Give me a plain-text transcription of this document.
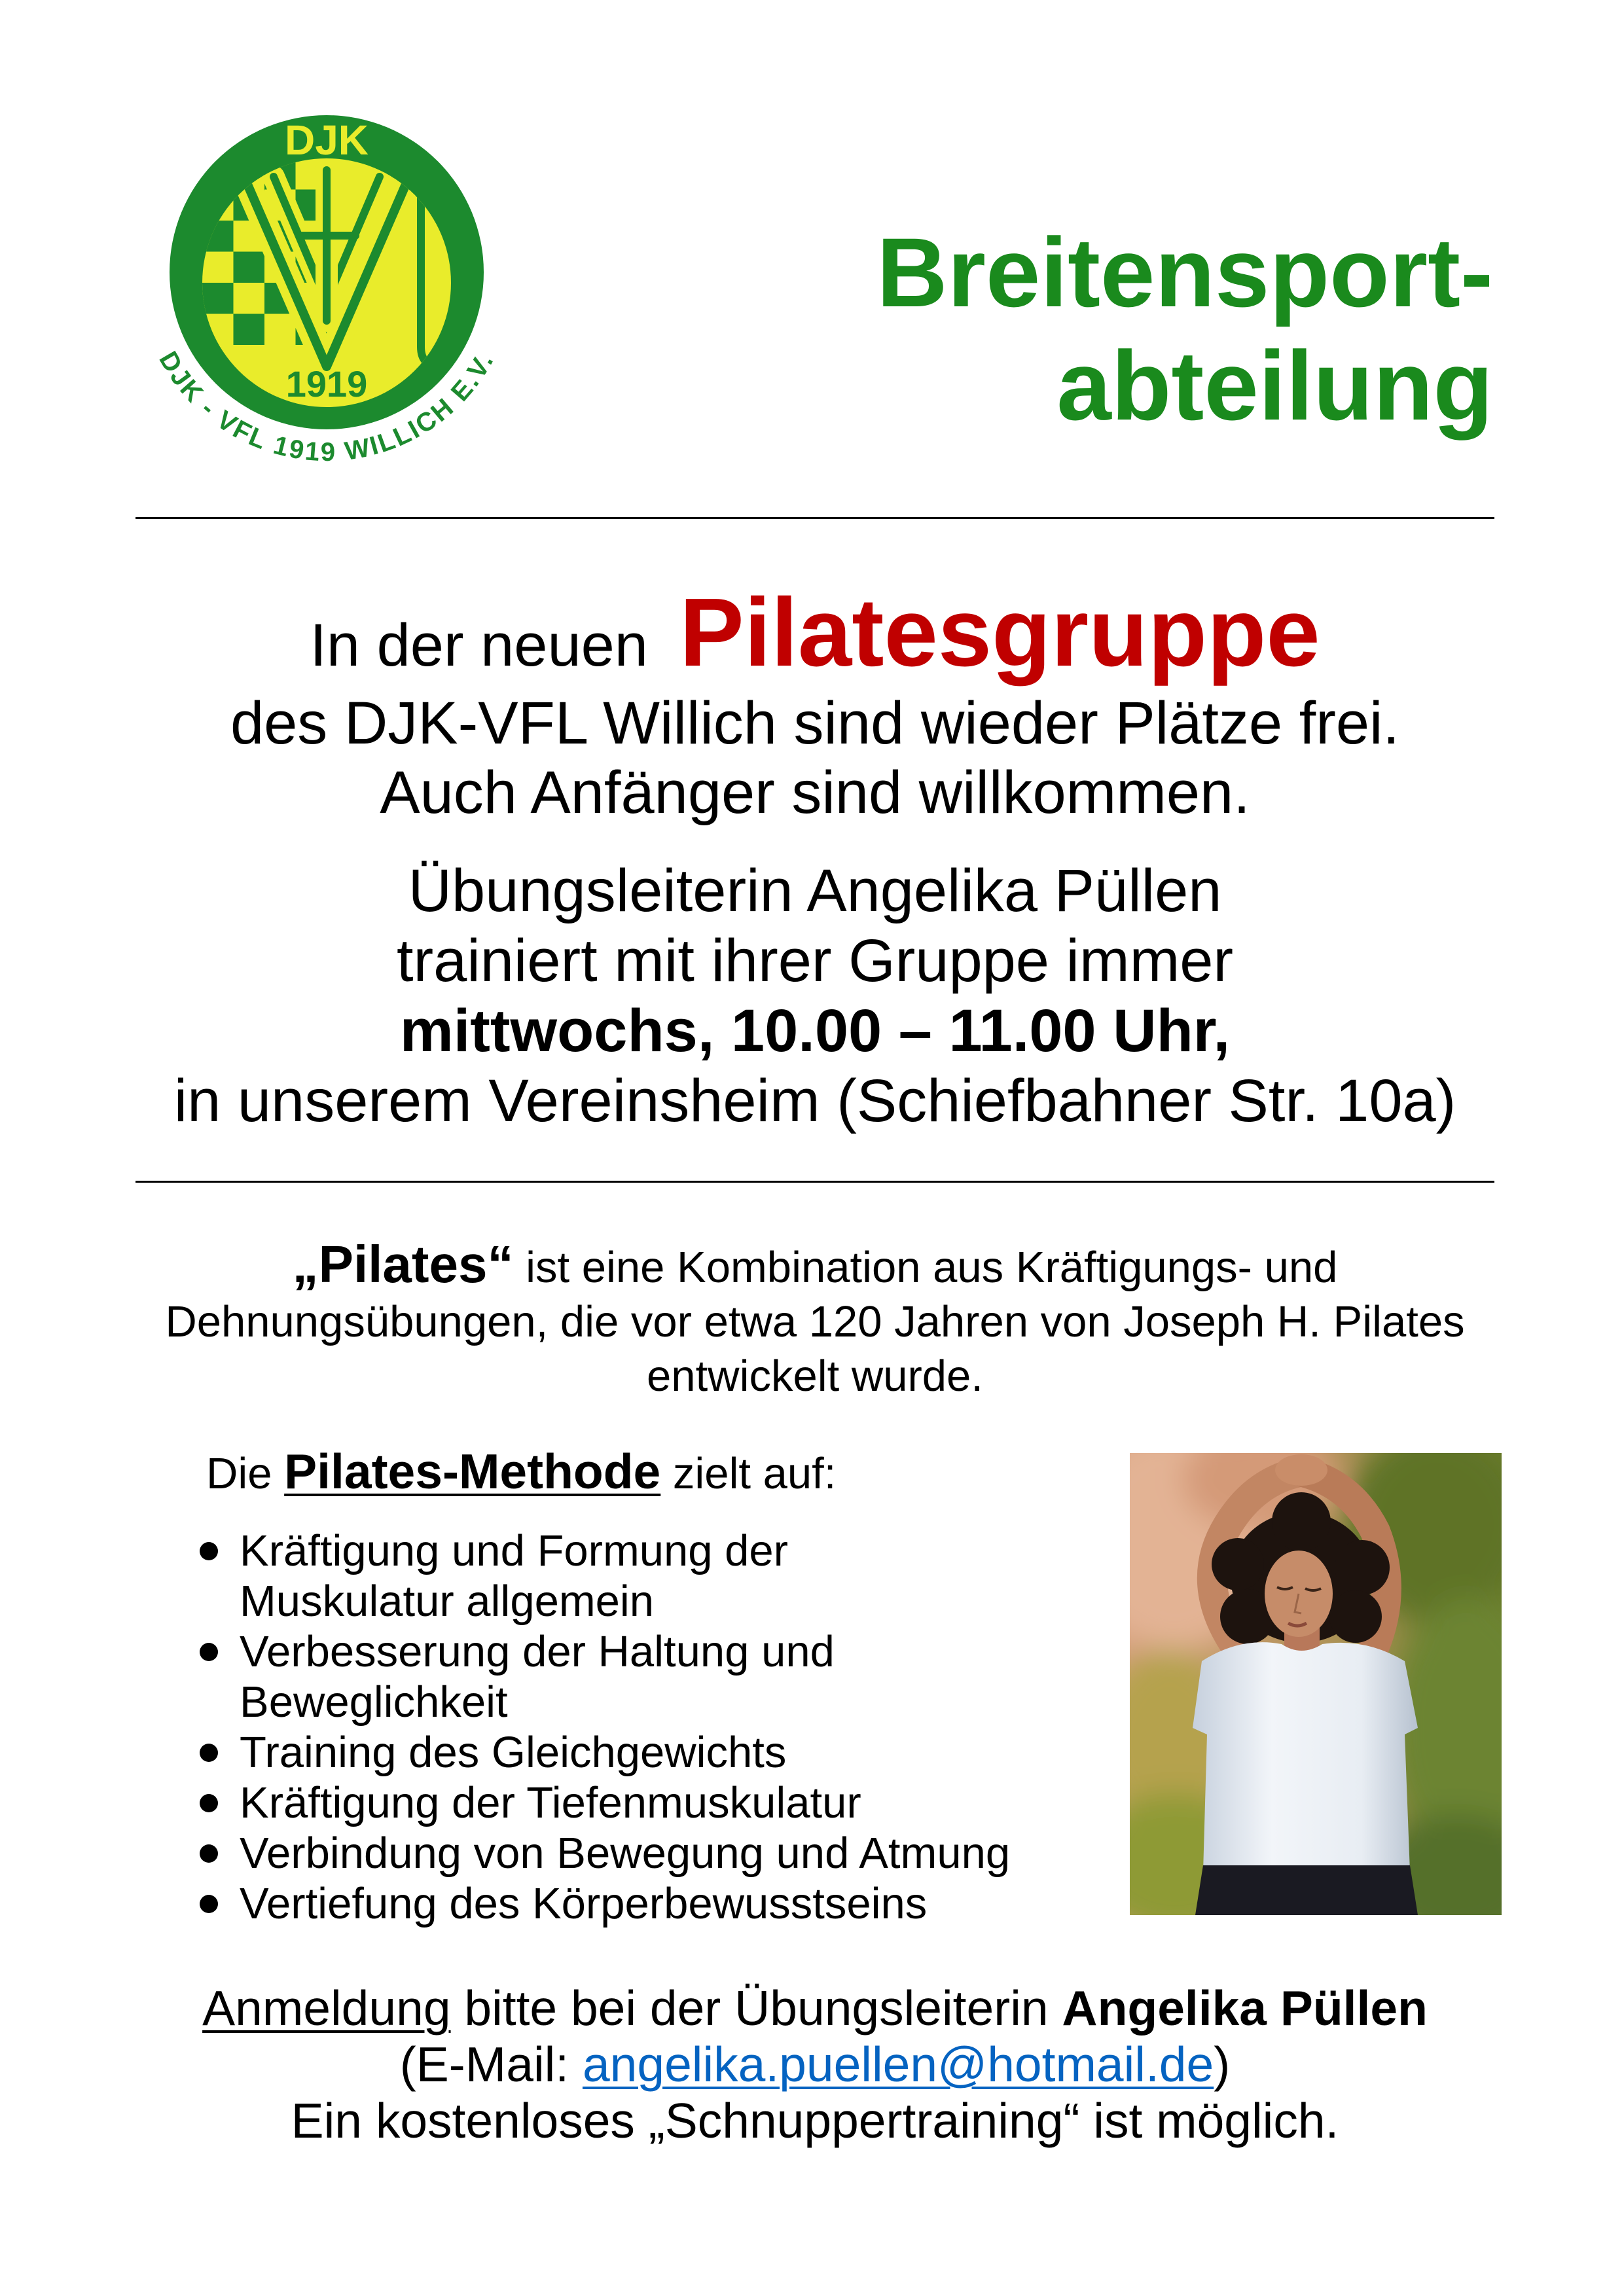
DJK
1919
DJK - VFL 1919 WILLICH E.V.
Breitensport-
abteilung
In der neuen Pilatesgruppe
des DJK-VFL Willich sind wieder Plätze frei.
Auch Anfänger sind willkommen.
Übungsleiterin Angelika Püllen
trainiert mit ihrer Gruppe immer
mittwochs, 10.00 – 11.00 Uhr,
in unserem Vereinsheim (Schiefbahner Str. 10a)
„Pilates“ ist eine Kombination aus Kräftigungs- und
Dehnungsübungen, die vor etwa 120 Jahren von Joseph H. Pilates
entwickelt wurde.
Die Pilates-Methode zielt auf:
Kräftigung und Formung der
Muskulatur allgemein
Verbesserung der Haltung und
Beweglichkeit
Training des Gleichgewichts
Kräftigung der Tiefenmuskulatur
Verbindung von Bewegung und Atmung
Vertiefung des Körperbewusstseins
Anmeldung bitte bei der Übungsleiterin Angelika Püllen
(E-Mail: angelika.puellen@hotmail.de)
Ein kostenloses „Schnuppertraining“ ist möglich.
